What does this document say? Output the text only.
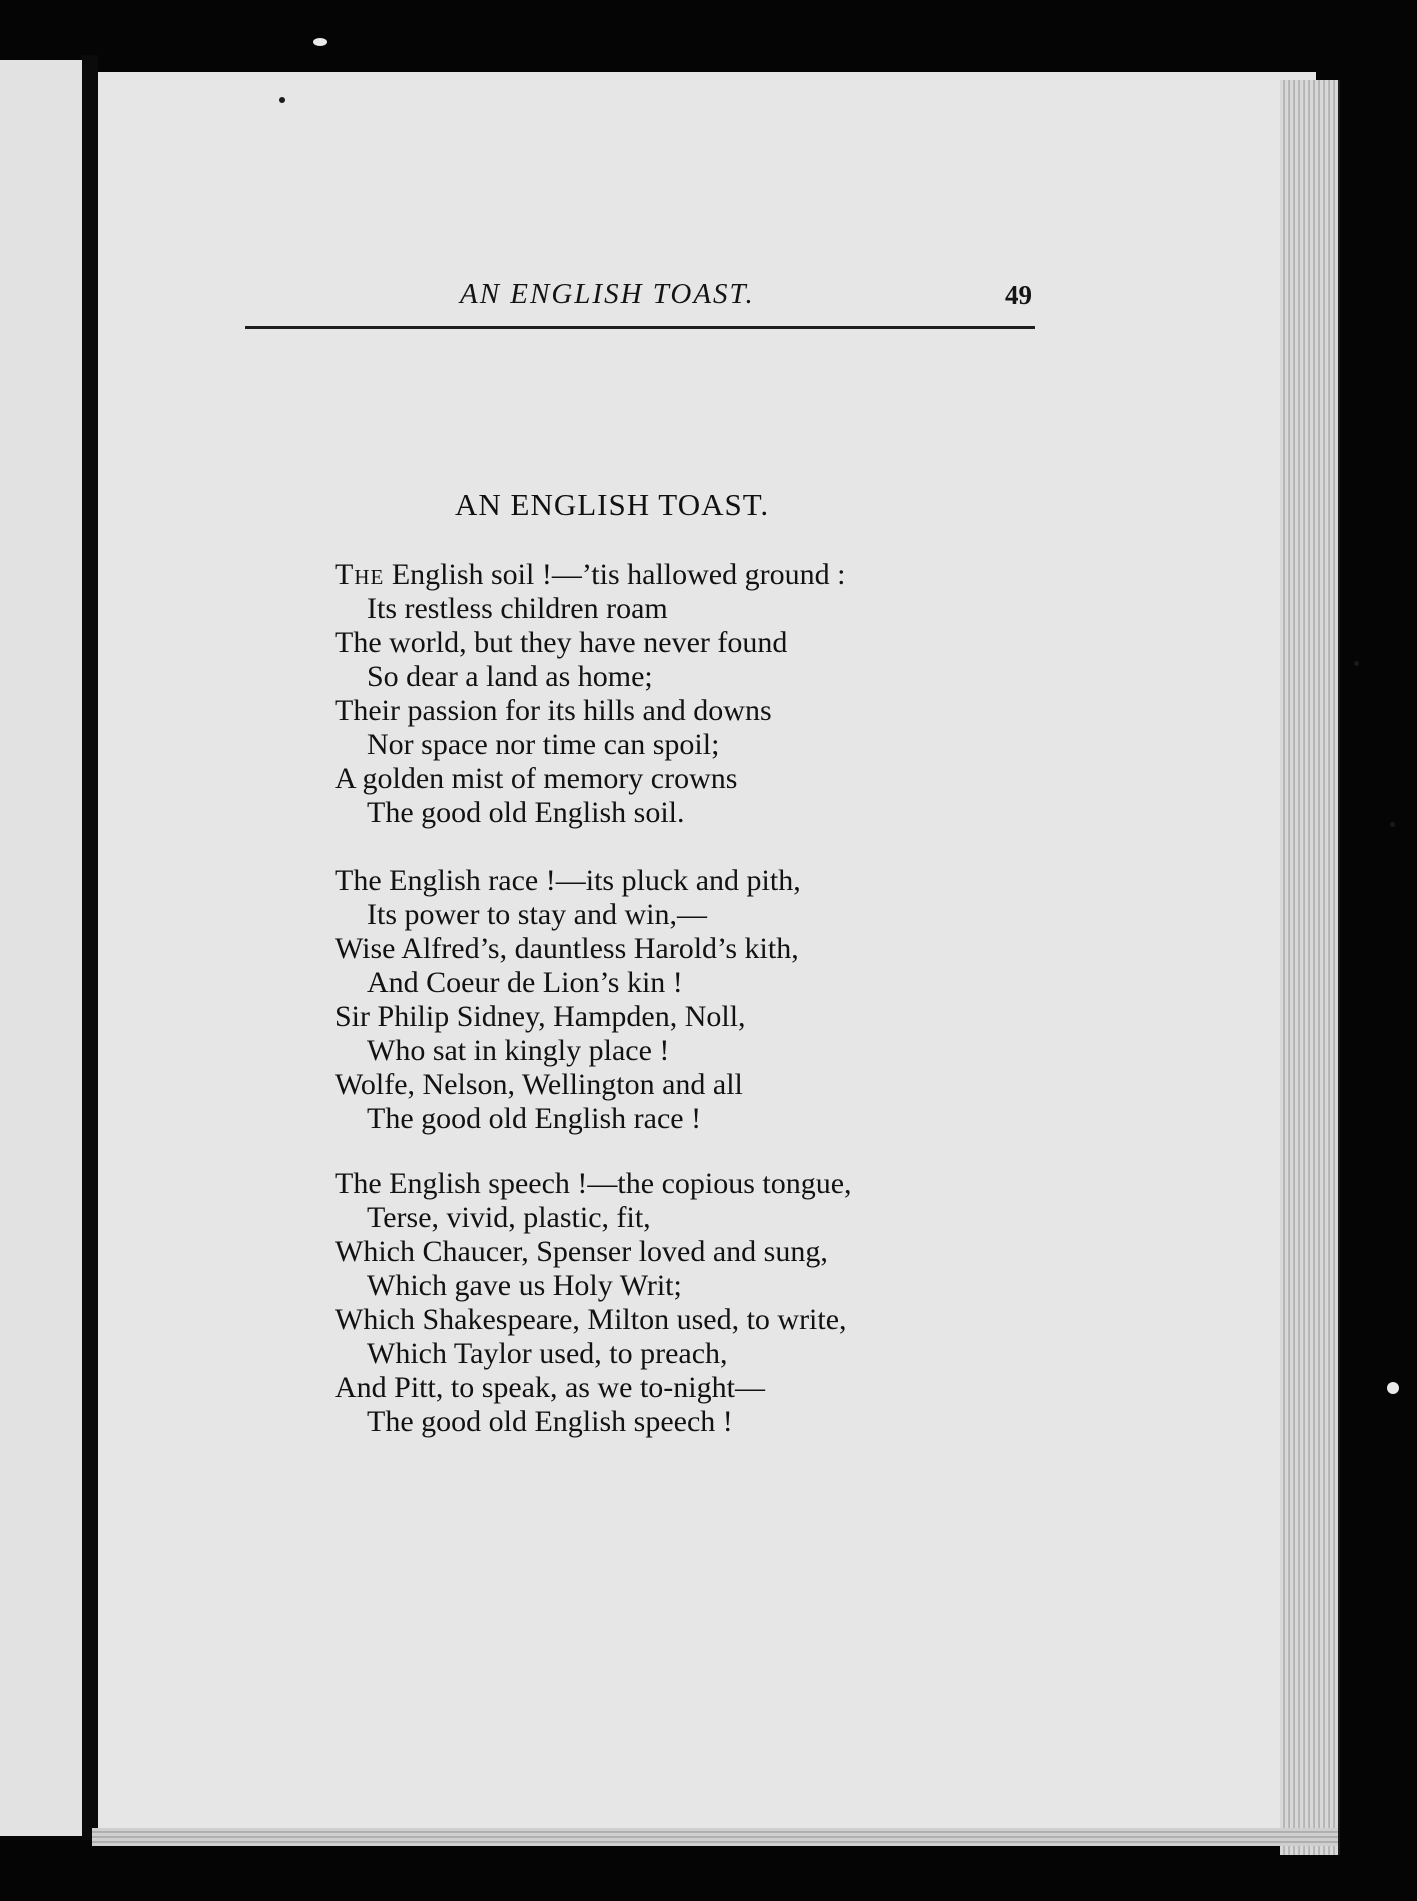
AN ENGLISH TOAST.	49
AN ENGLISH TOAST.
The English soil !—’tis hallowed ground :
Its restless children roam
The world, but they have never found
So dear a land as home;
Their passion for its hills and downs
Nor space nor time can spoil;
A golden mist of memory crowns
The good old English soil.
The English race !—its pluck and pith,
Its power to stay and win,—
Wise Alfred’s, dauntless Harold’s kith,
And Coeur de Lion’s kin !
Sir Philip Sidney, Hampden, Noll,
Who sat in kingly place !
Wolfe, Nelson, Wellington and all
The good old English race !
The English speech !—the copious tongue,
Terse, vivid, plastic, fit,
Which Chaucer, Spenser loved and sung,
Which gave us Holy Writ;
Which Shakespeare, Milton used, to write,
Which Taylor used, to preach,
And Pitt, to speak, as we to-night—
The good old English speech !
